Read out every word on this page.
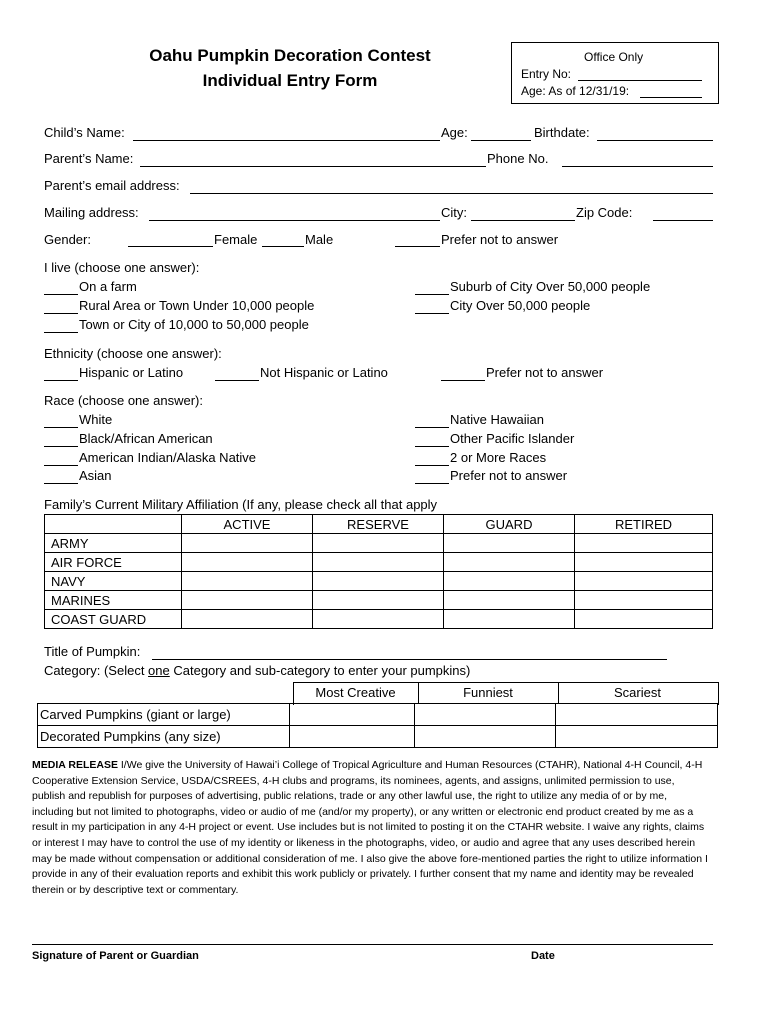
Oahu Pumpkin Decoration Contest
Individual Entry Form
Office Only
Entry No:
Age: As of 12/31/19:
Child’s Name:	Age:	Birthdate:
Parent’s Name:	Phone No.
Parent’s email address:
Mailing address:	City:	Zip Code:
Gender:	Female	Male	Prefer not to answer
I live (choose one answer):
On a farm
Rural Area or Town Under 10,000 people
Town or City of 10,000 to 50,000 people
Suburb of City Over 50,000 people
City Over 50,000 people
Ethnicity (choose one answer):
Hispanic or Latino	Not Hispanic or Latino	Prefer not to answer
Race (choose one answer):
White
Black/African American
American Indian/Alaska Native
Asian
Native Hawaiian
Other Pacific Islander
2 or More Races
Prefer not to answer
Family’s Current Military Affiliation (If any, please check all that apply
	ACTIVE	RESERVE	GUARD	RETIRED
ARMY				
AIR FORCE				
NAVY				
MARINES				
COAST GUARD				
Title of Pumpkin:
Category: (Select one Category and sub-category to enter your pumpkins)
Most Creative	Funniest	Scariest
Carved Pumpkins (giant or large)			
Decorated Pumpkins (any size)			
MEDIA RELEASE I/We give the University of Hawai’i College of Tropical Agriculture and Human Resources (CTAHR), National 4-H Council, 4-H Cooperative Extension Service, USDA/CSREES, 4-H clubs and programs, its nominees, agents, and assigns, unlimited permission to use, publish and republish for purposes of advertising, public relations, trade or any other lawful use, the right to utilize any media of or by me, including but not limited to photographs, video or audio of me (and/or my property), or any written or electronic end product created by me as a result in my participation in any 4-H project or event. Use includes but is not limited to posting it on the CTAHR website. I waive any rights, claims or interest I may have to control the use of my identity or likeness in the photographs, video, or audio and agree that any uses described herein may be made without compensation or additional consideration of me. I also give the above fore-mentioned parties the right to utilize information I provide in any of their evaluation reports and exhibit this work publicly or privately. I further consent that my name and identity may be revealed therein or by descriptive text or commentary.
Signature of Parent or Guardian	Date
